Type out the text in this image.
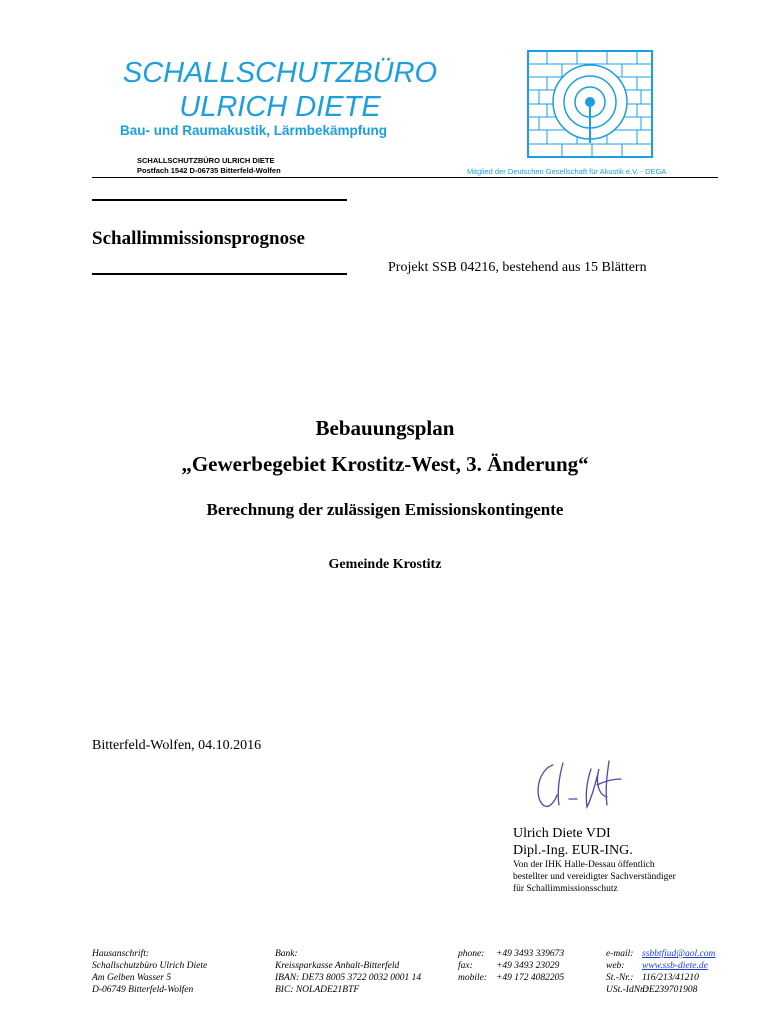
SCHALLSCHUTZBÜRO
ULRICH DIETE
Bau- und Raumakustik, Lärmbekämpfung
SCHALLSCHUTZBÜRO ULRICH DIETE
Postfach 1542 D-06735 Bitterfeld-Wolfen	Mitglied der Deutschen Gesellschaft für Akustik e.V. - DEGA
Schallimmissionsprognose
Projekt SSB 04216, bestehend aus 15 Blättern
Bebauungsplan
„Gewerbegebiet Krostitz-West, 3. Änderung“
Berechnung der zulässigen Emissionskontingente
Gemeinde Krostitz
Bitterfeld-Wolfen, 04.10.2016
Ulrich Diete VDI
Dipl.-Ing. EUR-ING.
Von der IHK Halle-Dessau öffentlich
bestellter und vereidigter Sachverständiger
für Schallimmissionsschutz
Hausanschrift:
Schallschutzbüro Ulrich Diete
Am Gelben Wasser 5
D-06749 Bitterfeld-Wolfen
Bank:
Kreissparkasse Anhalt-Bitterfeld
IBAN: DE73 8005 3722 0032 0001 14
BIC: NOLADE21BTF
phone:
fax:
mobile:
+49 3493 339673
+49 3493 23029
+49 172 4082205
e-mail:
web:
St.-Nr.:
USt.-IdNr.:
ssbbtfiud@aol.com
www.ssb-diete.de
116/213/41210
DE239701908
